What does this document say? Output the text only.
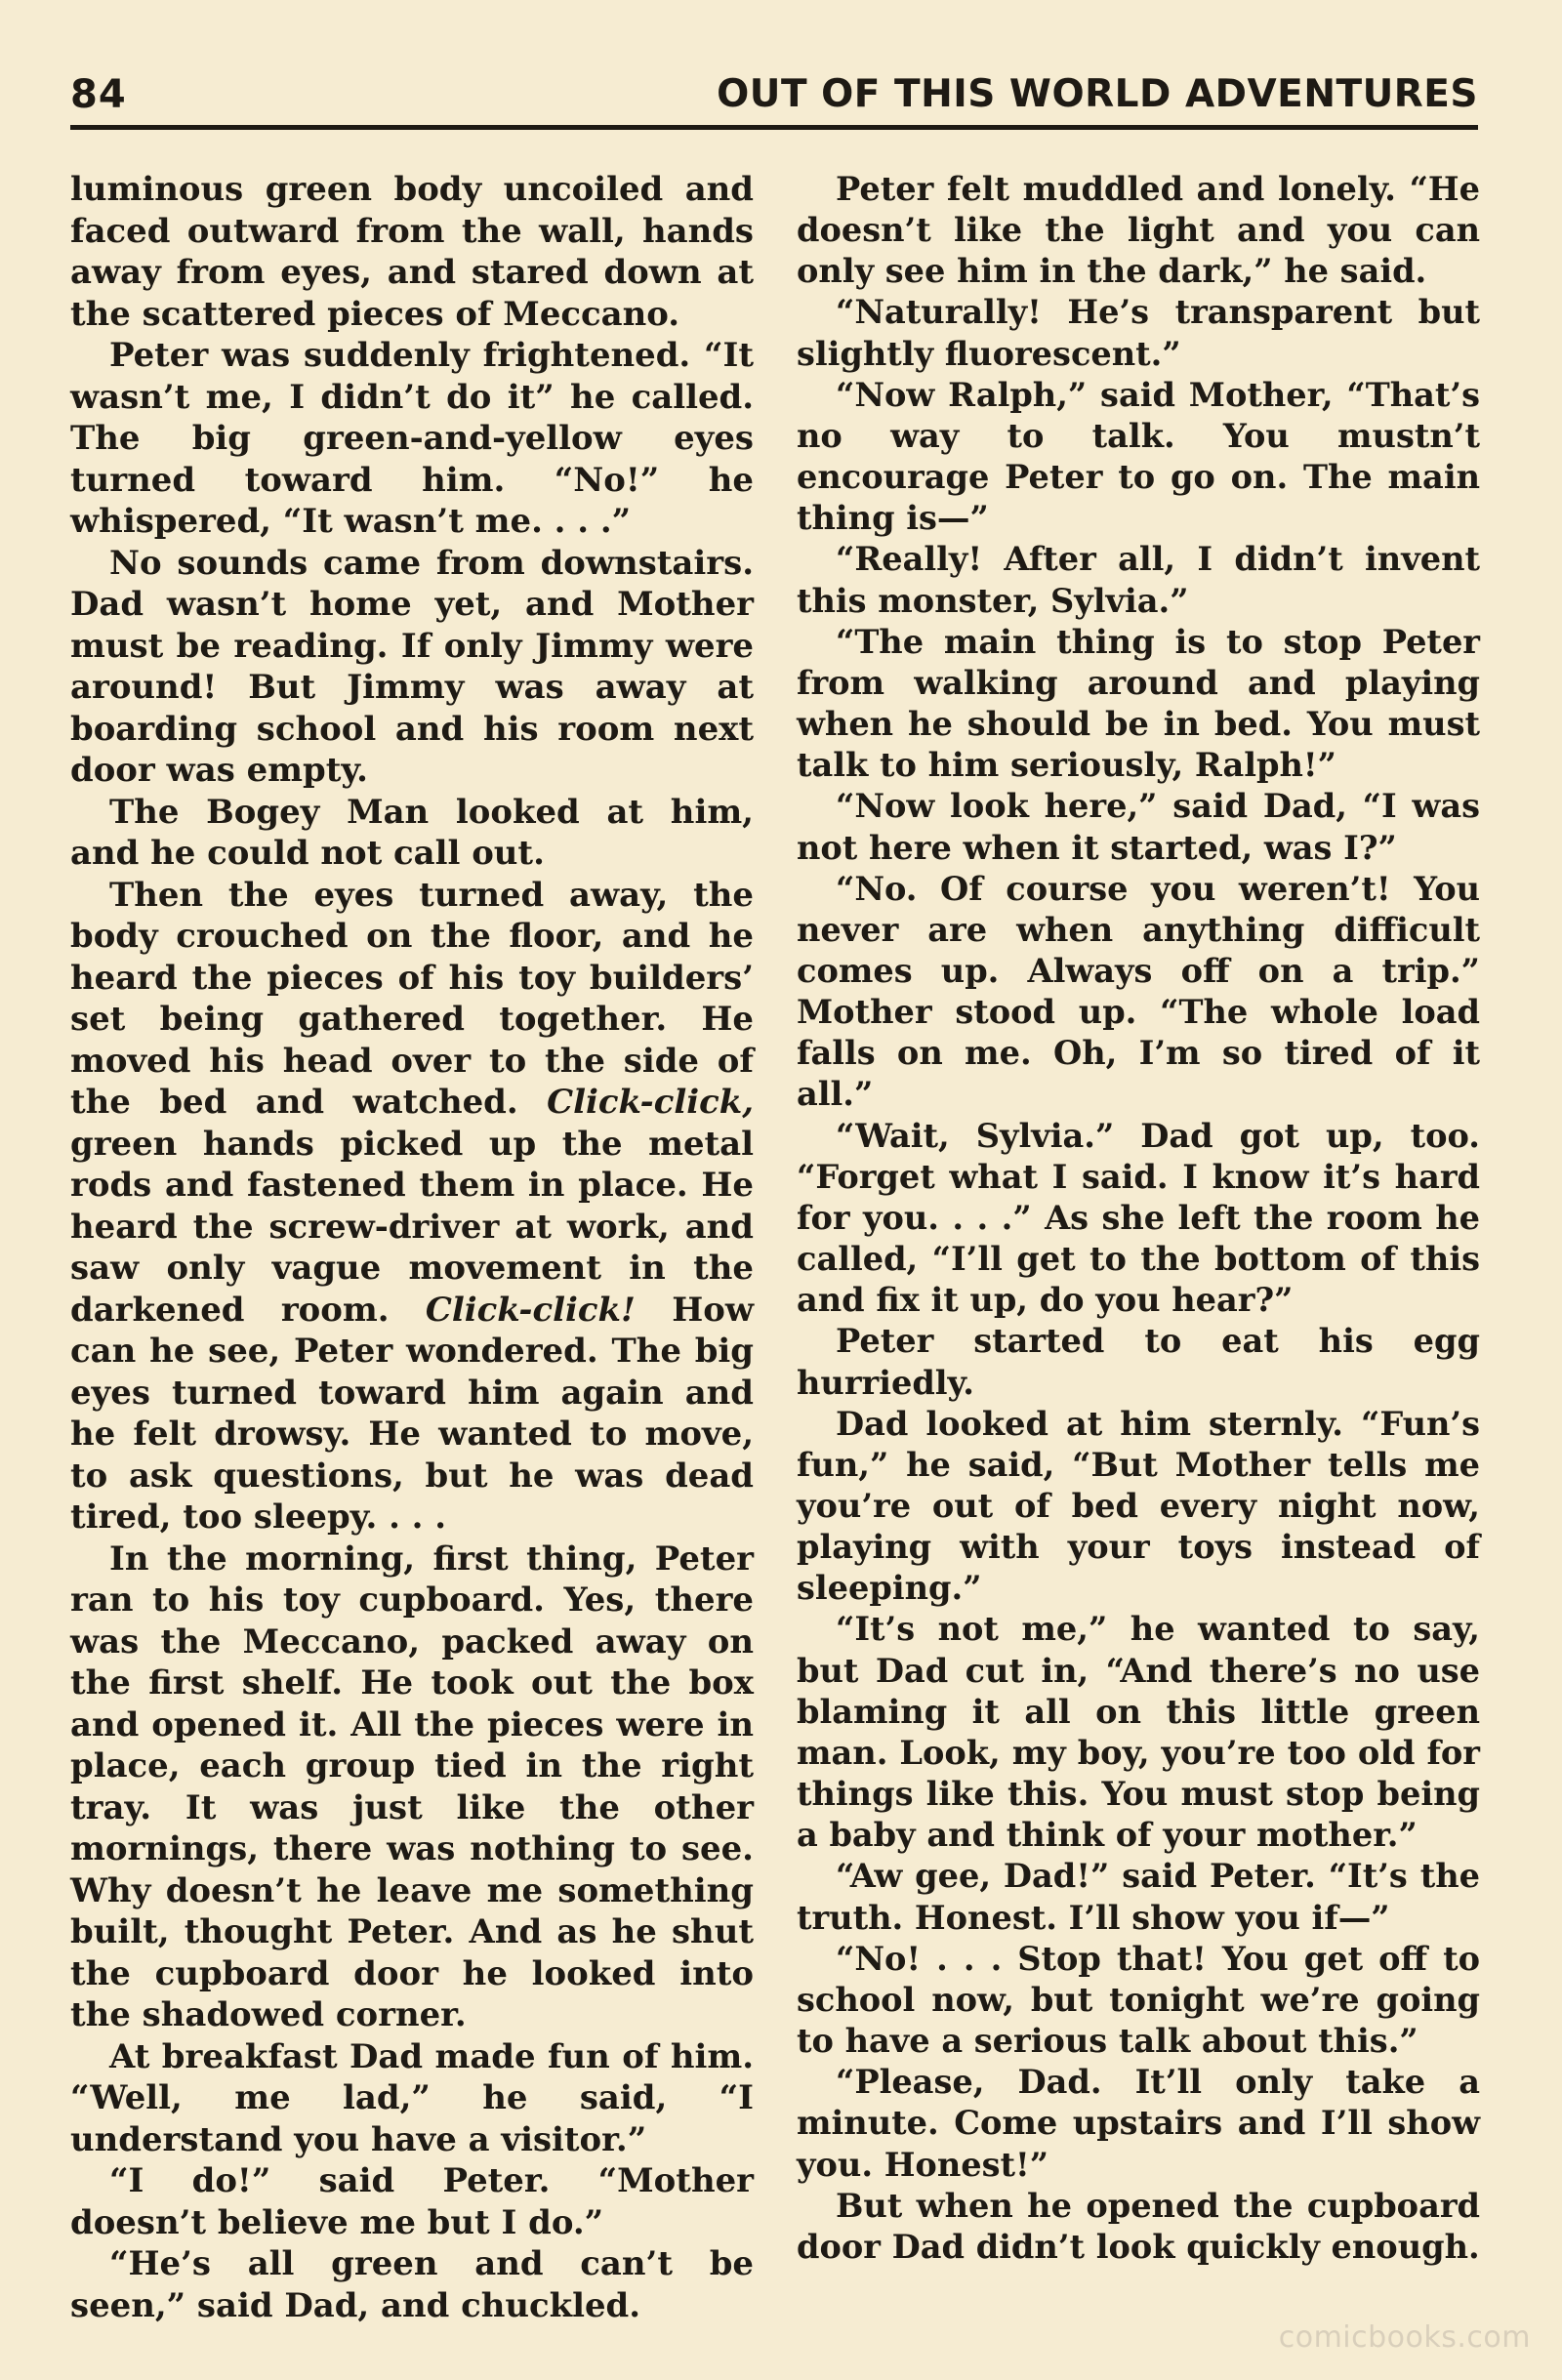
84	OUT OF THIS WORLD ADVENTURES

luminous green body uncoiled and faced outward from the wall, hands away from eyes, and stared down at the scattered pieces of Meccano.

Peter was suddenly frightened. “It wasn’t me, I didn’t do it” he called. The big green-and-yellow eyes turned toward him. “No!” he whispered, “It wasn’t me. . . .”

No sounds came from downstairs. Dad wasn’t home yet, and Mother must be reading. If only Jimmy were around! But Jimmy was away at boarding school and his room next door was empty.

The Bogey Man looked at him, and he could not call out.

Then the eyes turned away, the body crouched on the floor, and he heard the pieces of his toy builders’ set being gathered together. He moved his head over to the side of the bed and watched. Click-click, green hands picked up the metal rods and fastened them in place. He heard the screw-driver at work, and saw only vague movement in the darkened room. Click-click! How can he see, Peter wondered. The big eyes turned toward him again and he felt drowsy. He wanted to move, to ask questions, but he was dead tired, too sleepy. . . .

In the morning, first thing, Peter ran to his toy cupboard. Yes, there was the Meccano, packed away on the first shelf. He took out the box and opened it. All the pieces were in place, each group tied in the right tray. It was just like the other mornings, there was nothing to see. Why doesn’t he leave me something built, thought Peter. And as he shut the cupboard door he looked into the shadowed corner.

At breakfast Dad made fun of him. “Well, me lad,” he said, “I understand you have a visitor.”

“I do!” said Peter. “Mother doesn’t believe me but I do.”

“He’s all green and can’t be seen,” said Dad, and chuckled.

Peter felt muddled and lonely. “He doesn’t like the light and you can only see him in the dark,” he said.

“Naturally! He’s transparent but slightly fluorescent.”

“Now Ralph,” said Mother, “That’s no way to talk. You mustn’t encourage Peter to go on. The main thing is—”

“Really! After all, I didn’t invent this monster, Sylvia.”

“The main thing is to stop Peter from walking around and playing when he should be in bed. You must talk to him seriously, Ralph!”

“Now look here,” said Dad, “I was not here when it started, was I?”

“No. Of course you weren’t! You never are when anything difficult comes up. Always off on a trip.” Mother stood up. “The whole load falls on me. Oh, I’m so tired of it all.”

“Wait, Sylvia.” Dad got up, too. “Forget what I said. I know it’s hard for you. . . .” As she left the room he called, “I’ll get to the bottom of this and fix it up, do you hear?”

Peter started to eat his egg hurriedly.

Dad looked at him sternly. “Fun’s fun,” he said, “But Mother tells me you’re out of bed every night now, playing with your toys instead of sleeping.”

“It’s not me,” he wanted to say, but Dad cut in, “And there’s no use blaming it all on this little green man. Look, my boy, you’re too old for things like this. You must stop being a baby and think of your mother.”

“Aw gee, Dad!” said Peter. “It’s the truth. Honest. I’ll show you if—”

“No! . . . Stop that! You get off to school now, but tonight we’re going to have a serious talk about this.”

“Please, Dad. It’ll only take a minute. Come upstairs and I’ll show you. Honest!”

But when he opened the cupboard door Dad didn’t look quickly enough.

comicbooks.com
